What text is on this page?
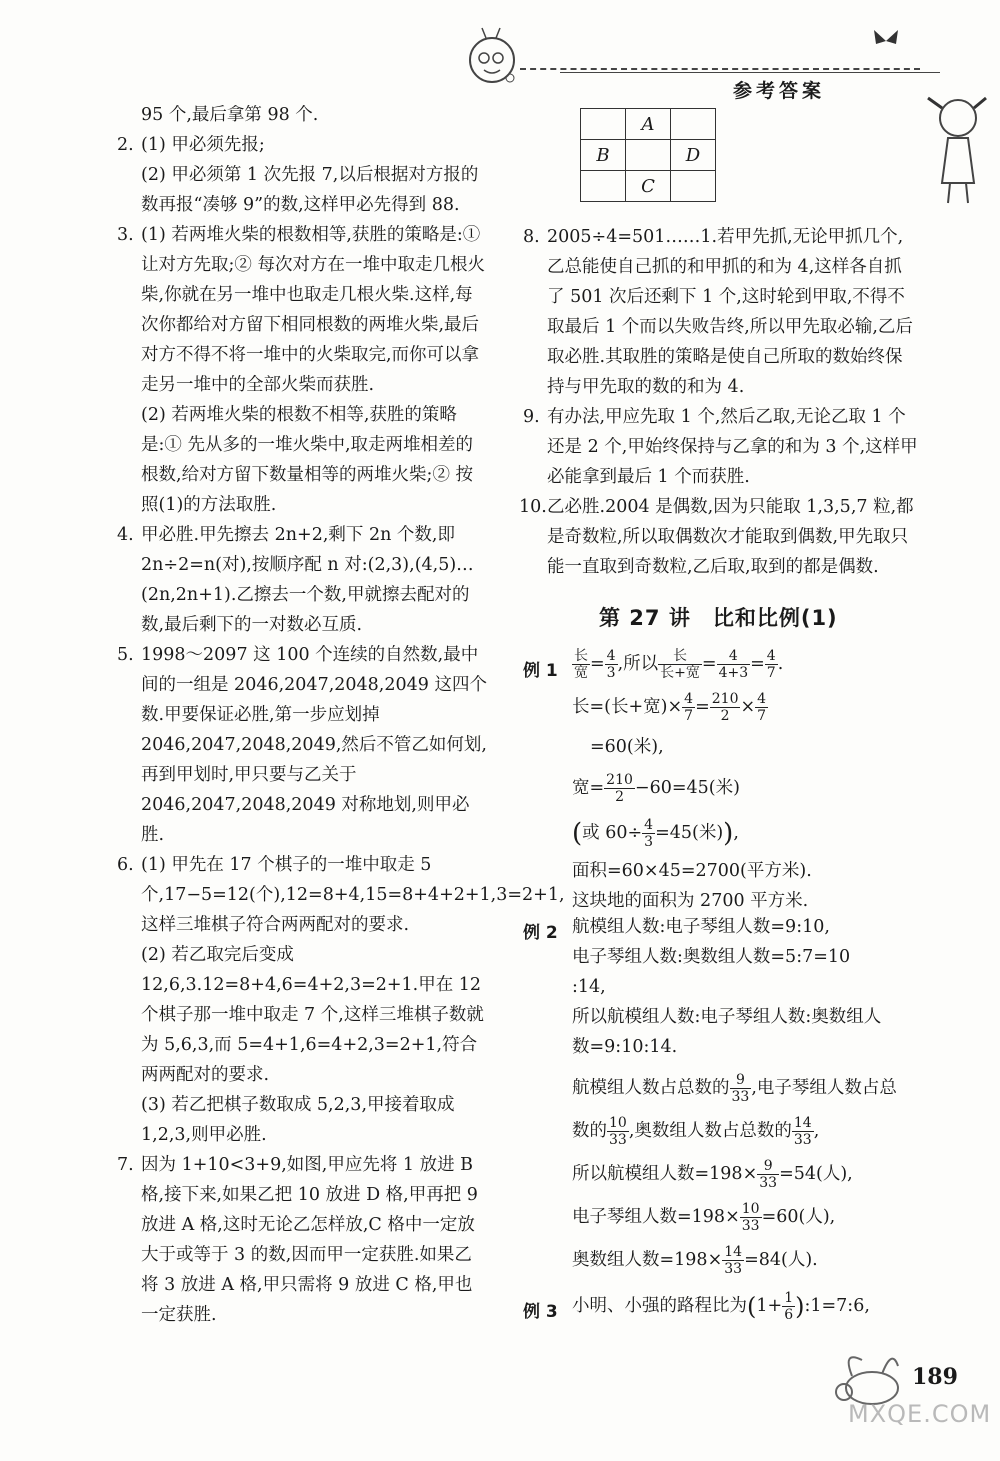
参考答案
	A	
B		D
	C	

95 个,最后拿第 98 个.

2. (1) 甲必须先报;

(2) 甲必须第 1 次先报 7,以后根据对方报的数再报“凑够 9”的数,这样甲必先得到 88.

3. (1) 若两堆火柴的根数相等,获胜的策略是:① 让对方先取;② 每次对方在一堆中取走几根火柴,你就在另一堆中也取走几根火柴.这样,每次你都给对方留下相同根数的两堆火柴,最后对方不得不将一堆中的火柴取完,而你可以拿走另一堆中的全部火柴而获胜.

(2) 若两堆火柴的根数不相等,获胜的策略是:① 先从多的一堆火柴中,取走两堆相差的根数,给对方留下数量相等的两堆火柴;② 按照(1)的方法取胜.

4. 甲必胜.甲先擦去 2n+2,剩下 2n 个数,即 2n÷2=n(对),按顺序配 n 对:(2,3),(4,5)…(2n,2n+1).乙擦去一个数,甲就擦去配对的数,最后剩下的一对数必互质.

5. 1998～2097 这 100 个连续的自然数,最中间的一组是 2046,2047,2048,2049 这四个数.甲要保证必胜,第一步应划掉 2046,2047,2048,2049,然后不管乙如何划,再到甲划时,甲只要与乙关于 2046,2047,2048,2049 对称地划,则甲必胜.

6. (1) 甲先在 17 个棋子的一堆中取走 5 个,17−5=12(个),12=8+4,15=8+4+2+1,3=2+1,这样三堆棋子符合两两配对的要求.

(2) 若乙取完后变成 12,6,3.12=8+4,6=4+2,3=2+1.甲在 12 个棋子那一堆中取走 7 个,这样三堆棋子数就为 5,6,3,而 5=4+1,6=4+2,3=2+1,符合两两配对的要求.

(3) 若乙把棋子数取成 5,2,3,甲接着取成 1,2,3,则甲必胜.

7. 因为 1+10<3+9,如图,甲应先将 1 放进 B 格,接下来,如果乙把 10 放进 D 格,甲再把 9 放进 A 格,这时无论乙怎样放,C 格中一定放大于或等于 3 的数,因而甲一定获胜.如果乙将 3 放进 A 格,甲只需将 9 放进 C 格,甲也一定获胜.

8. 2005÷4=501……1.若甲先抓,无论甲抓几个,乙总能使自己抓的和甲抓的和为 4,这样各自抓了 501 次后还剩下 1 个,这时轮到甲取,不得不取最后 1 个而以失败告终,所以甲先取必输,乙后取必胜.其取胜的策略是使自己所取的数始终保持与甲先取的数的和为 4.

9. 有办法,甲应先取 1 个,然后乙取,无论乙取 1 个还是 2 个,甲始终保持与乙拿的和为 3 个,这样甲必能拿到最后 1 个而获胜.

10. 乙必胜.2004 是偶数,因为只能取 1,3,5,7 粒,都是奇数粒,所以取偶数次才能取到偶数,甲先取只能一直取到奇数粒,乙后取,取到的都是偶数.

第 27 讲　比和比例(1)
例 $1 \frac{\text{长}}{\text{宽}} = \frac{4}{3}$ ,所以 $\frac{\text{长}}{\text{长+宽}} = \frac{4}{4+3} = \frac{4}{7}$ .
长=(长+宽)× $\frac{4}{7} = \frac{210}{2} \times \frac{4}{7}$
=60(米),
宽= $\frac{210}{2} -60=45$(米)
(或 $60\div \frac{4}{3} =45$(米)),
面积=60×45=2700(平方米).
这块地的面积为 2700 平方米.
例 2 航模组人数:电子琴组人数=9:10,
电子琴组人数:奥数组人数=5:7=10
:14,
所以航模组人数:电子琴组人数:奥数组人
数=9:10:14.
航模组人数占总数的 $\frac{9}{33}$ ,电子琴组人数占总
数的 $\frac{10}{33}$ ,奥数组人数占总数的 $\frac{14}{33}$ ,
所以航模组人数$=198\times \frac{9}{33} =54$(人),
电子琴组人数$=198\times \frac{10}{33} =60$(人),
奥数组人数$=198\times \frac{14}{33} =84$(人).
例 3 小明、小强的路程比为($1+ \frac{1}{6}$ ):1=7:6,
189
MXQE.COM
